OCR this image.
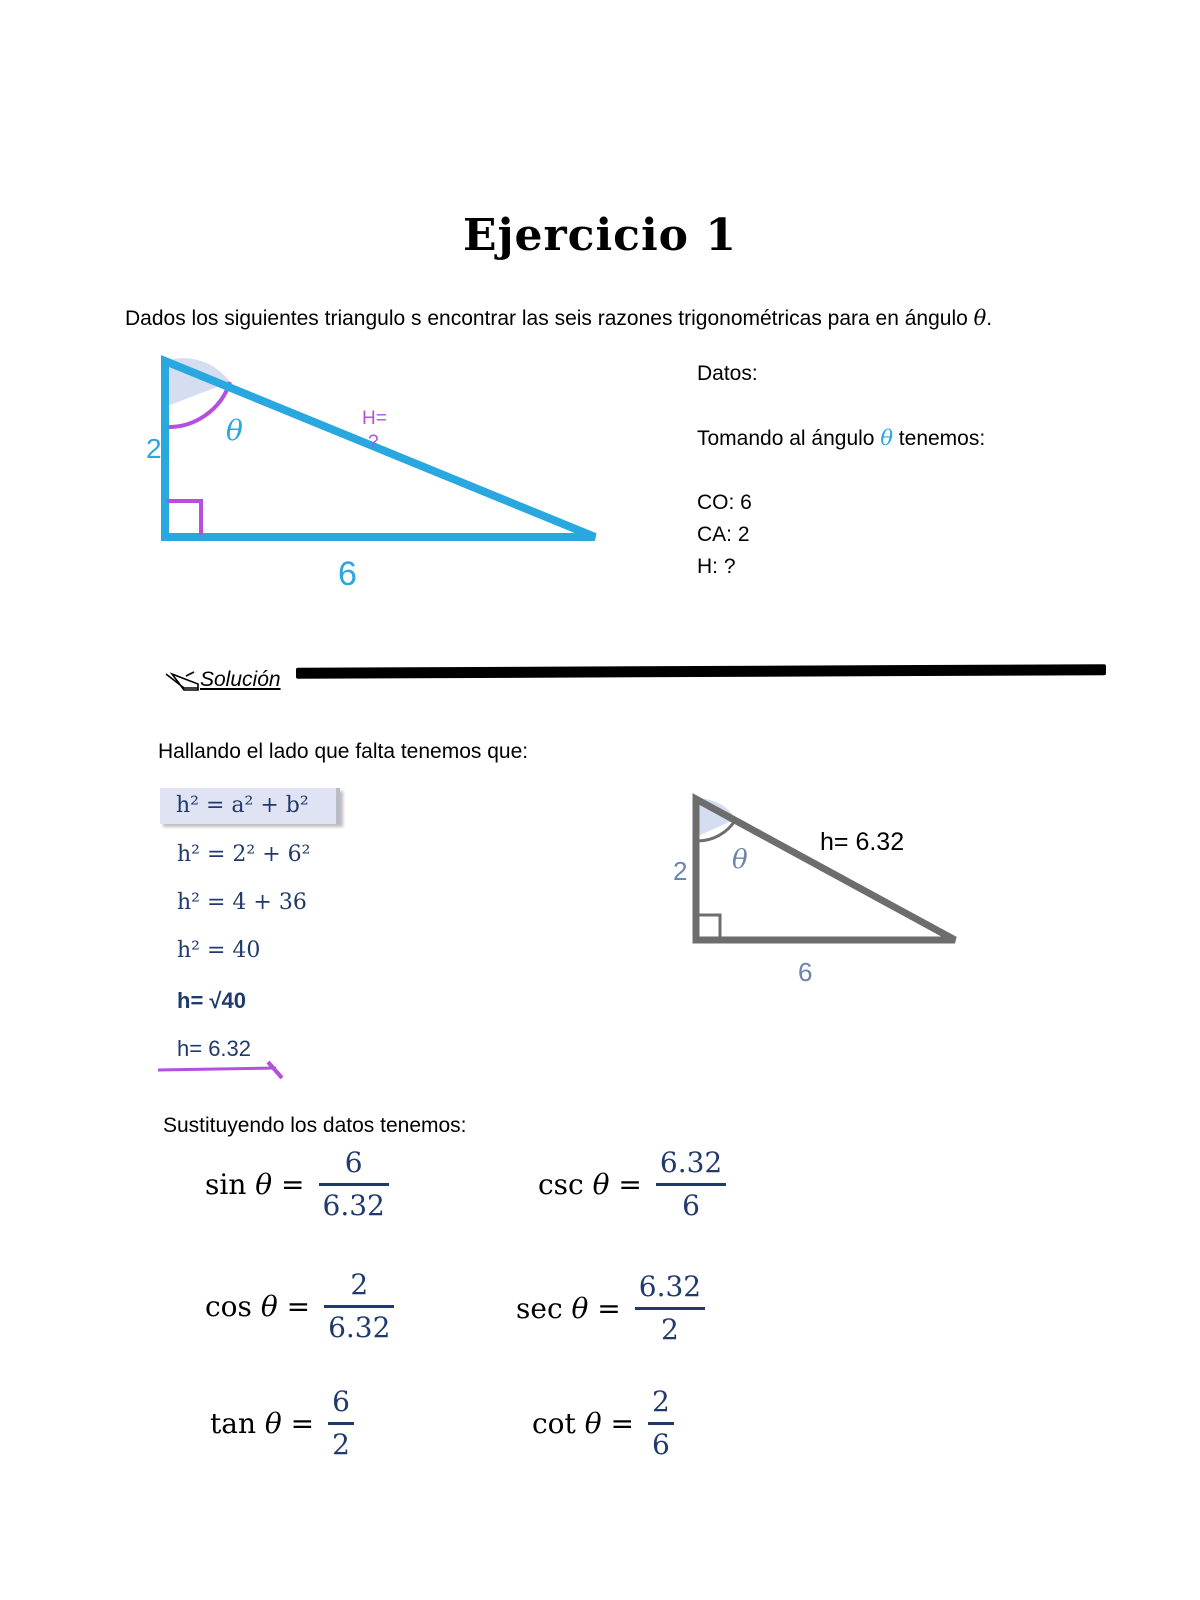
Ejercicio 1
Dados los siguientes triangulo s encontrar las seis razones trigonométricas para en ángulo θ.
2
6
θ	H=
?
Datos:
Tomando al ángulo θ tenemos:
CO: 6
CA: 2
H: ?
Solución
Hallando el lado que falta tenemos que:
h² = a² + b²
h² = 2² + 6²
h² = 4 + 36
h² = 40
h= √40
h= 6.32
2
6
θ
h= 6.32
Sustituyendo los datos tenemos:
$\sin \theta = \frac{6}{6.32}$	$\csc \theta = \frac{6.32}{6}$
$\cos \theta = \frac{2}{6.32}$	$\sec \theta = \frac{6.32}{2}$
$\tan \theta = \frac{6}{2}$	$\cot \theta = \frac{2}{6}$
